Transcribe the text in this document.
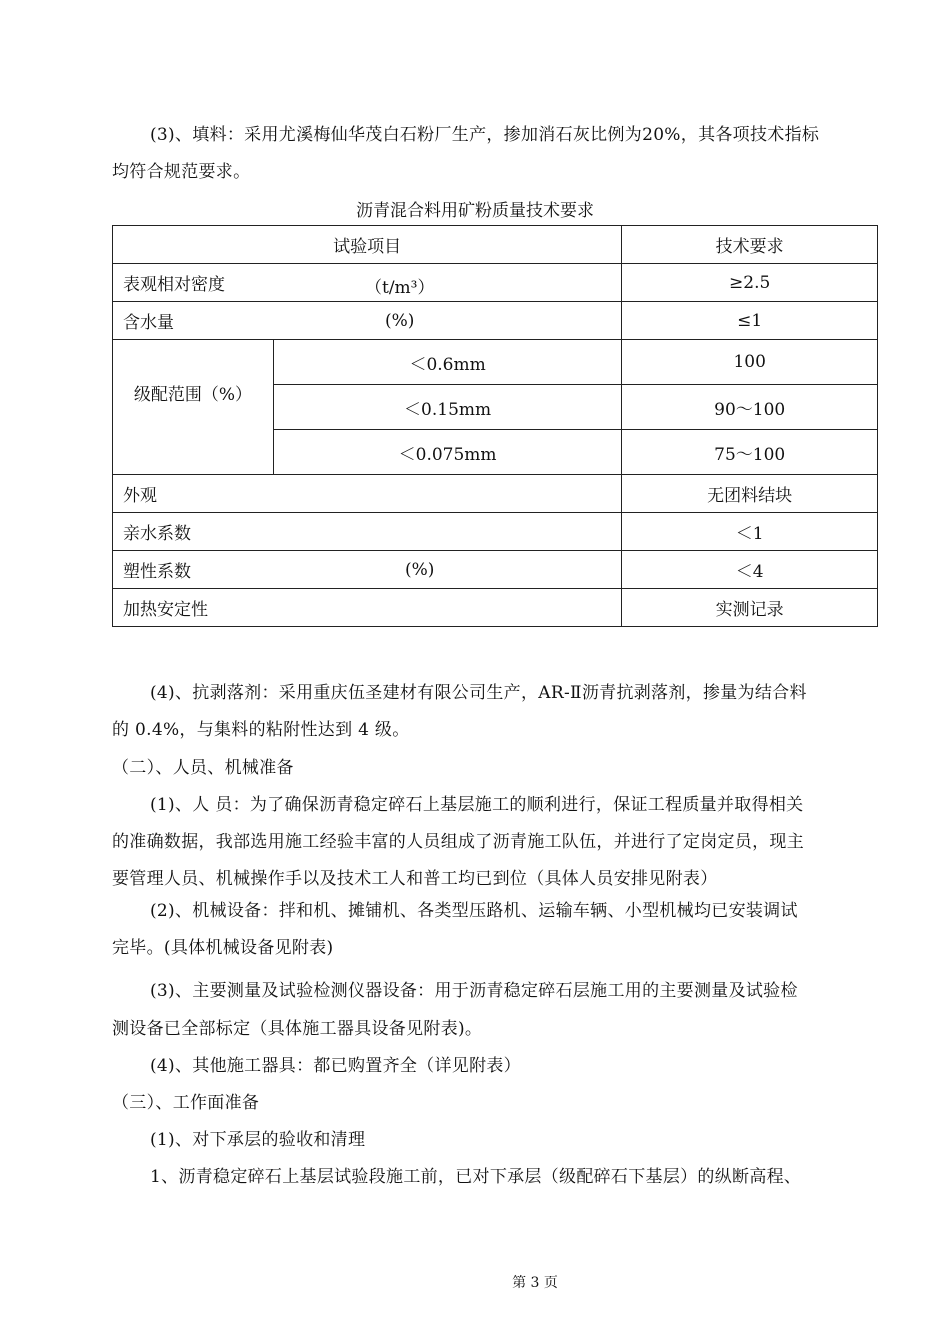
(3)、填料：采用尤溪梅仙华茂白石粉厂生产，掺加消石灰比例为20%，其各项技术指标
均符合规范要求。
沥青混合料用矿粉质量技术要求
试验项目		技术要求
表观相对密度 （t/m³）		≥2.5
含水量 (%)		≤1
级配范围（%）	＜0.6mm	100
	＜0.15mm	90～100
	＜0.075mm	75～100
外观		无团料结块
亲水系数		＜1
塑性系数 (%)		＜4
加热安定性		实测记录
(4)、抗剥落剂：采用重庆伍圣建材有限公司生产，AR-Ⅱ沥青抗剥落剂，掺量为结合料
的 0.4%，与集料的粘附性达到 4 级。
（二）、人员、机械准备
(1)、人 员：为了确保沥青稳定碎石上基层施工的顺利进行，保证工程质量并取得相关
的准确数据，我部选用施工经验丰富的人员组成了沥青施工队伍，并进行了定岗定员，现主
要管理人员、机械操作手以及技术工人和普工均已到位（具体人员安排见附表）
(2)、机械设备：拌和机、摊铺机、各类型压路机、运输车辆、小型机械均已安装调试
完毕。(具体机械设备见附表)
(3)、主要测量及试验检测仪器设备：用于沥青稳定碎石层施工用的主要测量及试验检
测设备已全部标定（具体施工器具设备见附表)。
(4)、其他施工器具：都已购置齐全（详见附表）
（三）、工作面准备
(1)、对下承层的验收和清理
1、沥青稳定碎石上基层试验段施工前，已对下承层（级配碎石下基层）的纵断高程、
第 3 页
